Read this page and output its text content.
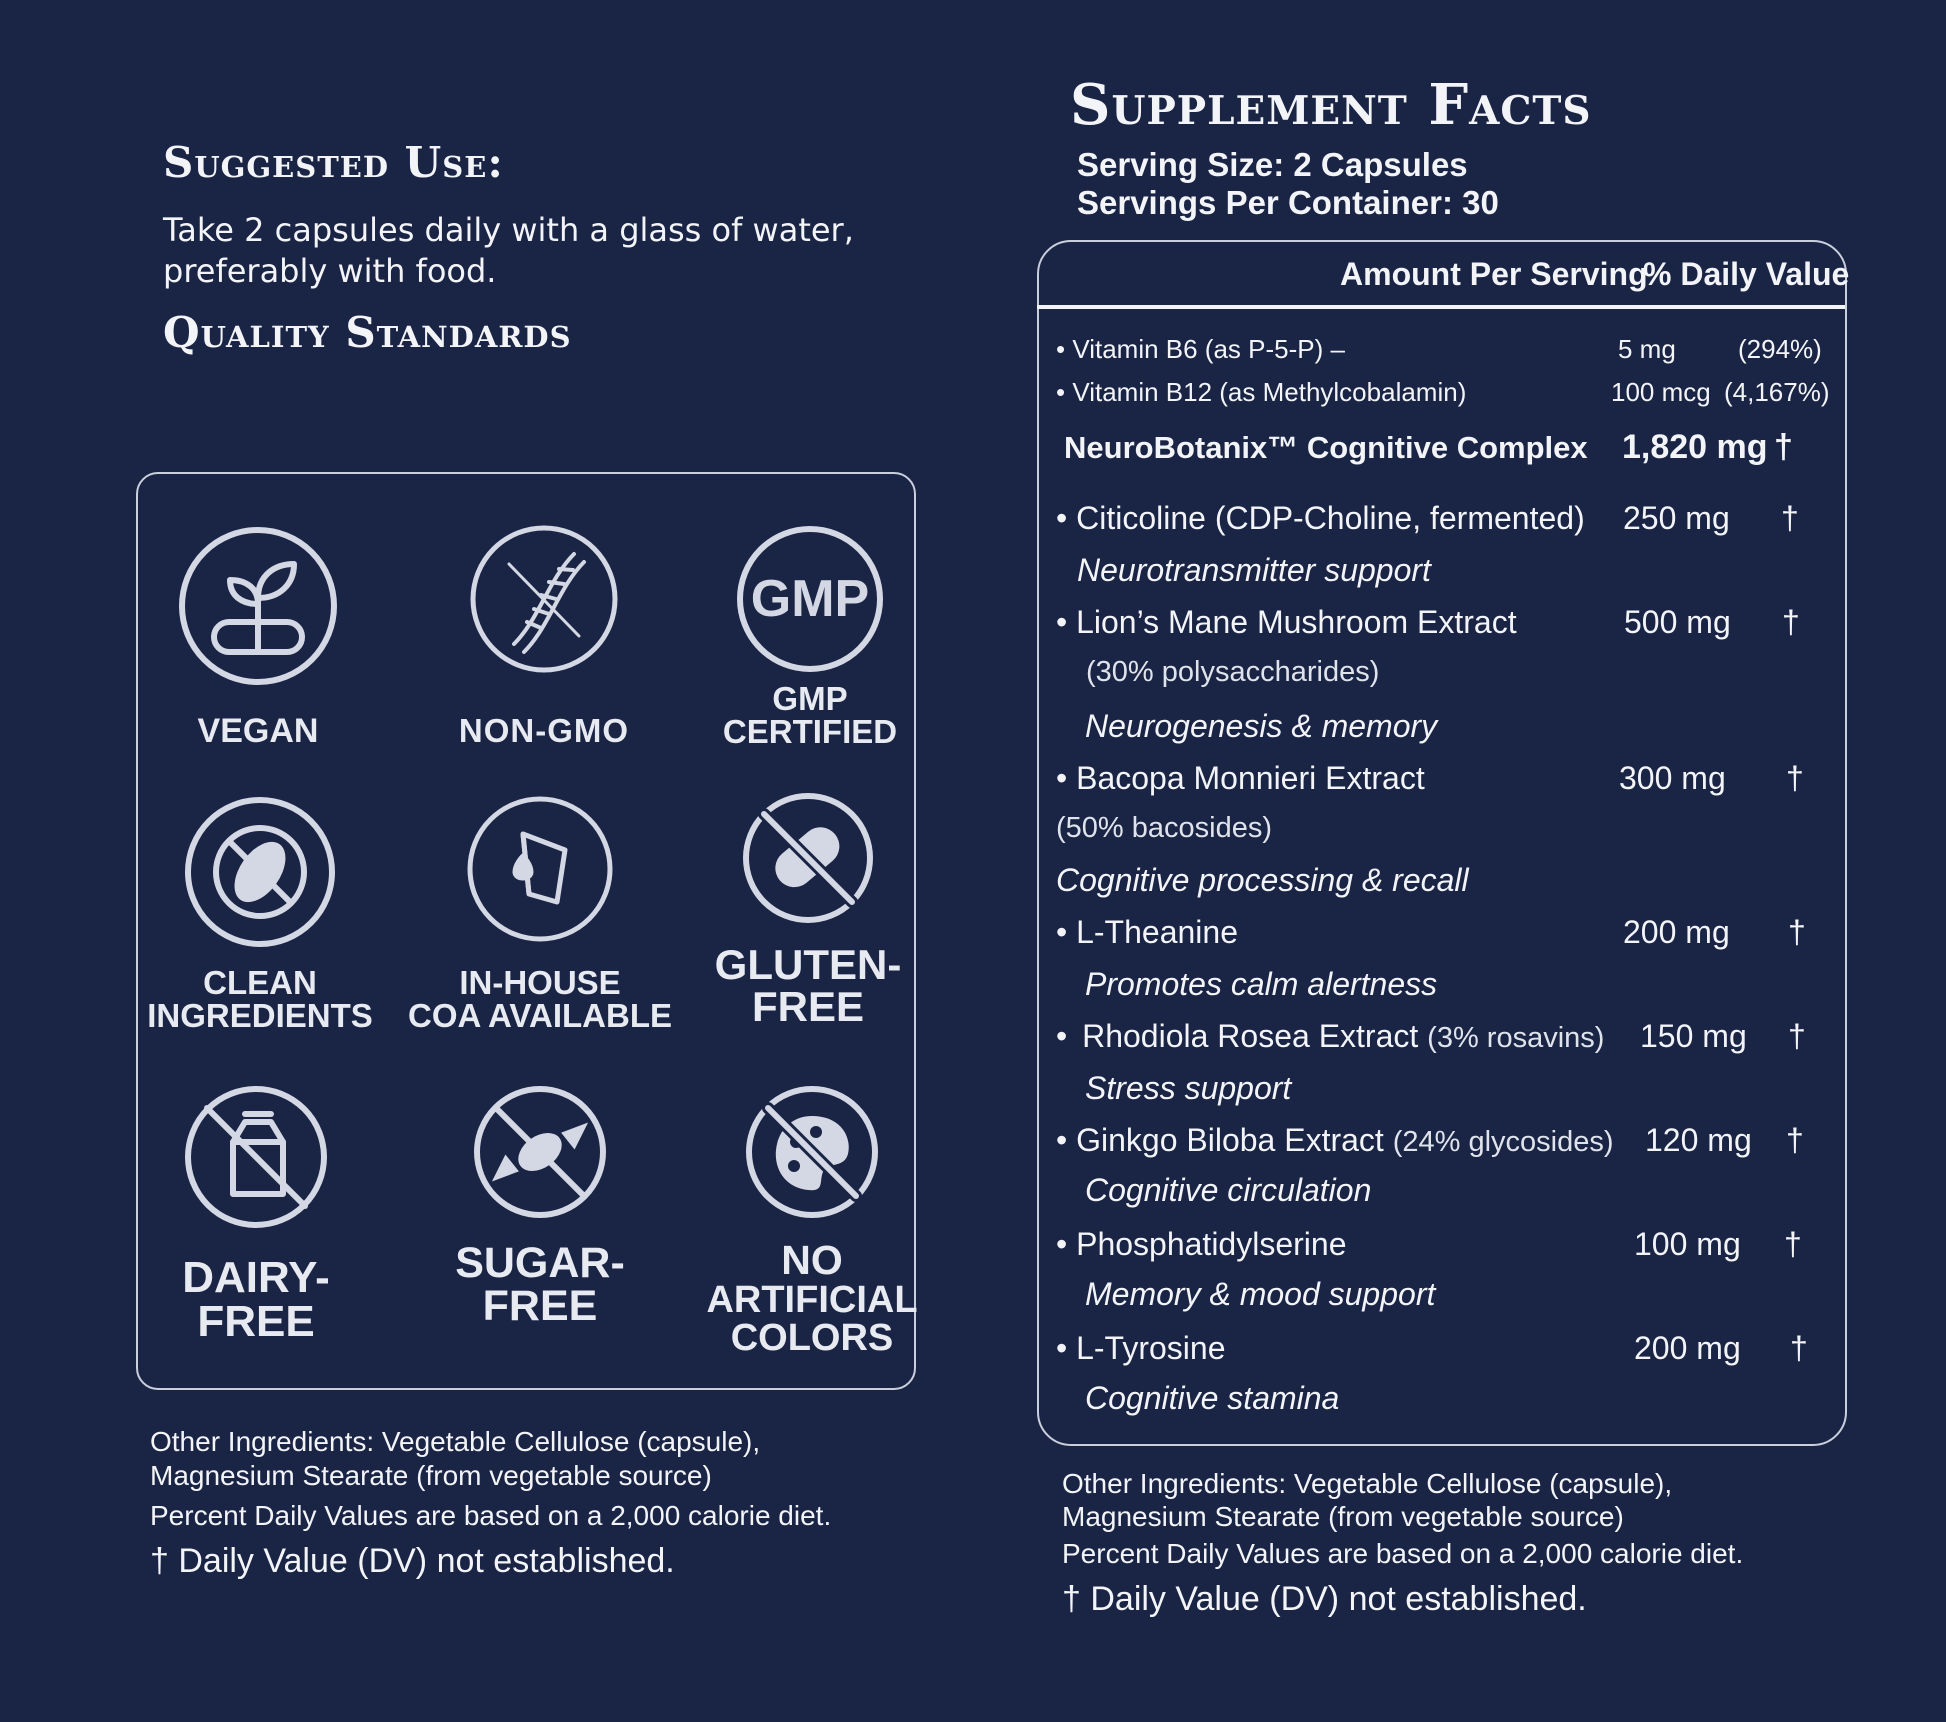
Suggested Use:
Take 2 capsules daily with a glass of water,
preferably with food.
Quality Standards
VEGAN	NON-GMO
GMP
GMP
CERTIFIED
CLEAN
INGREDIENTS
IN-HOUSE
COA AVAILABLE
GLUTEN-
FREE
DAIRY-
FREE
SUGAR-
FREE
NO
ARTIFICIAL
COLORS
Other Ingredients: Vegetable Cellulose (capsule),
Magnesium Stearate (from vegetable source)
Percent Daily Values are based on a 2,000 calorie diet.
† Daily Value (DV) not established.
Supplement Facts
Serving Size: 2 Capsules
Servings Per Container: 30
Amount Per Serving
% Daily Value
• Vitamin B6 (as P-5-P) –	5 mg (294%)
• Vitamin B12 (as Methylcobalamin)	100 mcg (4,167%)
NeuroBotanix™ Cognitive Complex 1,820 mg †
• Citicoline (CDP-Choline, fermented) 250 mg †
Neurotransmitter support
• Lion’s Mane Mushroom Extract	500 mg †
(30% polysaccharides)
Neurogenesis & memory
• Bacopa Monnieri Extract	300 mg †
(50% bacosides)
Cognitive processing & recall
• L-Theanine	200 mg †
Promotes calm alertness
• Rhodiola Rosea Extract (3% rosavins) 150 mg †
Stress support
• Ginkgo Biloba Extract (24% glycosides) 120 mg †
Cognitive circulation
• Phosphatidylserine	100 mg †
Memory & mood support
• L-Tyrosine	200 mg †
Cognitive stamina
Other Ingredients: Vegetable Cellulose (capsule),
Magnesium Stearate (from vegetable source)
Percent Daily Values are based on a 2,000 calorie diet.
† Daily Value (DV) not established.
